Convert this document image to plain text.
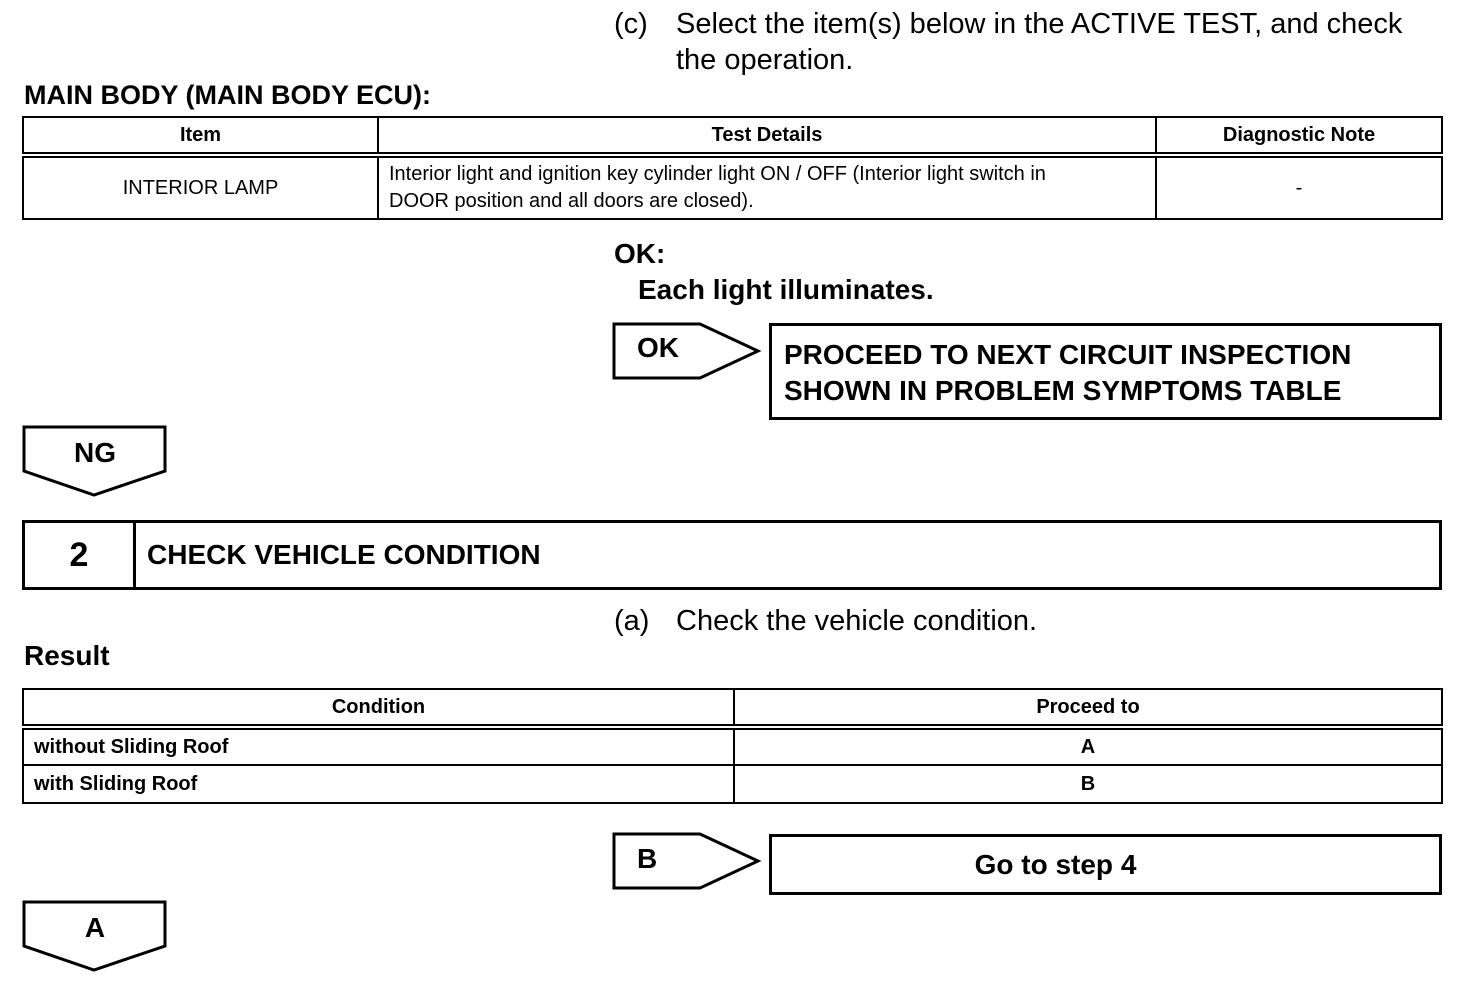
(c) Select the item(s) below in the ACTIVE TEST, and check
the operation.
MAIN BODY (MAIN BODY ECU):
Item	Test Details	Diagnostic Note
INTERIOR LAMP	Interior light and ignition key cylinder light ON / OFF (Interior light switch in
DOOR position and all doors are closed).	-
OK:
Each light illuminates.
OK	PROCEED TO NEXT CIRCUIT INSPECTION
SHOWN IN PROBLEM SYMPTOMS TABLE
NG
2	CHECK VEHICLE CONDITION
(a) Check the vehicle condition.
Result
Condition	Proceed to
without Sliding Roof	A
with Sliding Roof	B
B	Go to step 4
A
